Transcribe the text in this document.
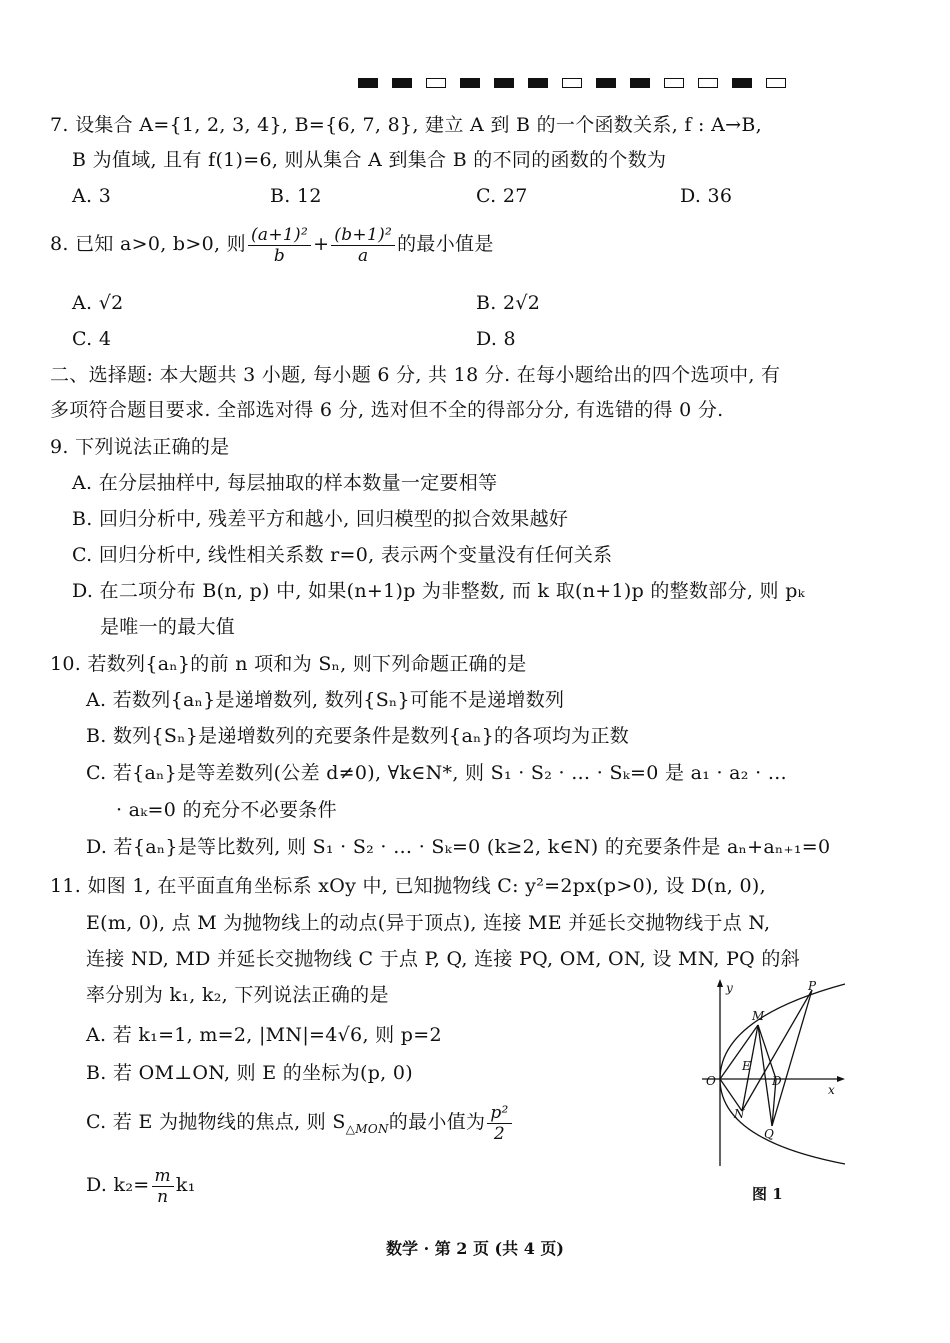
7. 设集合 A={1, 2, 3, 4}, B={6, 7, 8}, 建立 A 到 B 的一个函数关系, f : A→B,
B 为值域, 且有 f(1)=6, 则从集合 A 到集合 B 的不同的函数的个数为
A. 3	B. 12	C. 27	D. 36
8. 已知 a>0, b>0, 则 $\frac{\text{(a+1)²}}{b} + \frac{\text{(b+1)²}}{a}$ 的最小值是
A. √2	B. 2√2
C. 4	D. 8
二、选择题: 本大题共 3 小题, 每小题 6 分, 共 18 分. 在每小题给出的四个选项中, 有
多项符合题目要求. 全部选对得 6 分, 选对但不全的得部分分, 有选错的得 0 分.
9. 下列说法正确的是
A. 在分层抽样中, 每层抽取的样本数量一定要相等
B. 回归分析中, 残差平方和越小, 回归模型的拟合效果越好
C. 回归分析中, 线性相关系数 r=0, 表示两个变量没有任何关系
D. 在二项分布 B(n, p) 中, 如果(n+1)p 为非整数, 而 k 取(n+1)p 的整数部分, 则 pₖ
是唯一的最大值
10. 若数列{aₙ}的前 n 项和为 Sₙ, 则下列命题正确的是
A. 若数列{aₙ}是递增数列, 数列{Sₙ}可能不是递增数列
B. 数列{Sₙ}是递增数列的充要条件是数列{aₙ}的各项均为正数
C. 若{aₙ}是等差数列(公差 d≠0), ∀k∈N*, 则 S₁ · S₂ · … · Sₖ=0 是 a₁ · a₂ · …
· aₖ=0 的充分不必要条件
D. 若{aₙ}是等比数列, 则 S₁ · S₂ · … · Sₖ=0 (k≥2, k∈N) 的充要条件是 aₙ+aₙ₊₁=0
11. 如图 1, 在平面直角坐标系 xOy 中, 已知抛物线 C: y²=2px(p>0), 设 D(n, 0),
E(m, 0), 点 M 为抛物线上的动点(异于顶点), 连接 ME 并延长交抛物线于点 N,
连接 ND, MD 并延长交抛物线 C 于点 P, Q, 连接 PQ, OM, ON, 设 MN, PQ 的斜
率分别为 k₁, k₂, 下列说法正确的是
A. 若 k₁=1, m=2, |MN|=4√6, 则 p=2
B. 若 OM⊥ON, 则 E 的坐标为(p, 0)
C. 若 E 为抛物线的焦点, 则 $S_{\triangle MON}$的最小值为 $\frac{\text{p²}}{2}$
D. $k_2= \frac{m}{n} k_1$
y
x
O
E
D
M
N
P
Q
图 1
数学 · 第 2 页 (共 4 页)
